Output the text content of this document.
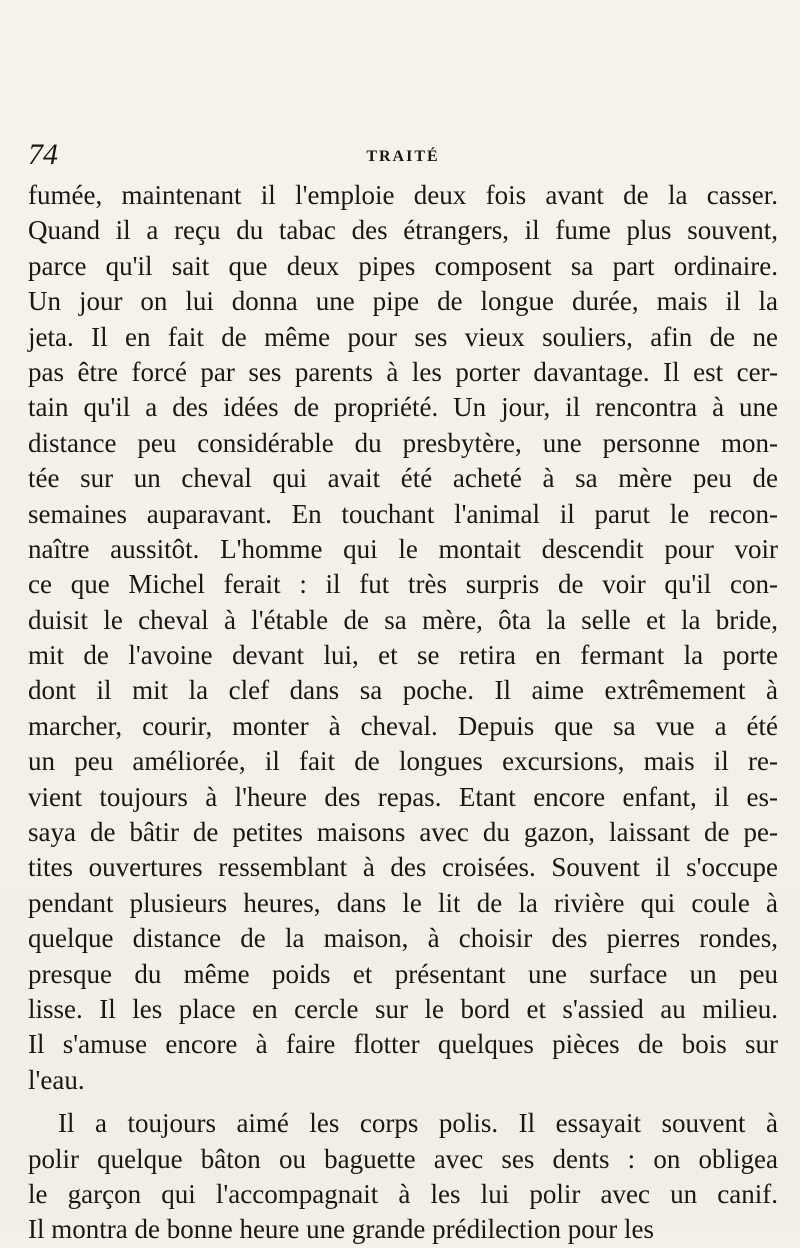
74	TRAITÉ
fumée, maintenant il l'emploie deux fois avant de la casser.
Quand il a reçu du tabac des étrangers, il fume plus souvent,
parce qu'il sait que deux pipes composent sa part ordinaire.
Un jour on lui donna une pipe de longue durée, mais il la
jeta. Il en fait de même pour ses vieux souliers, afin de ne
pas être forcé par ses parents à les porter davantage. Il est cer-
tain qu'il a des idées de propriété. Un jour, il rencontra à une
distance peu considérable du presbytère, une personne mon-
tée sur un cheval qui avait été acheté à sa mère peu de
semaines auparavant. En touchant l'animal il parut le recon-
naître aussitôt. L'homme qui le montait descendit pour voir
ce que Michel ferait : il fut très surpris de voir qu'il con-
duisit le cheval à l'étable de sa mère, ôta la selle et la bride,
mit de l'avoine devant lui, et se retira en fermant la porte
dont il mit la clef dans sa poche. Il aime extrêmement à
marcher, courir, monter à cheval. Depuis que sa vue a été
un peu améliorée, il fait de longues excursions, mais il re-
vient toujours à l'heure des repas. Etant encore enfant, il es-
saya de bâtir de petites maisons avec du gazon, laissant de pe-
tites ouvertures ressemblant à des croisées. Souvent il s'occupe
pendant plusieurs heures, dans le lit de la rivière qui coule à
quelque distance de la maison, à choisir des pierres rondes,
presque du même poids et présentant une surface un peu
lisse. Il les place en cercle sur le bord et s'assied au milieu.
Il s'amuse encore à faire flotter quelques pièces de bois sur
l'eau.
Il a toujours aimé les corps polis. Il essayait souvent à
polir quelque bâton ou baguette avec ses dents : on obligea
le garçon qui l'accompagnait à les lui polir avec un canif.
Il montra de bonne heure une grande prédilection pour les
